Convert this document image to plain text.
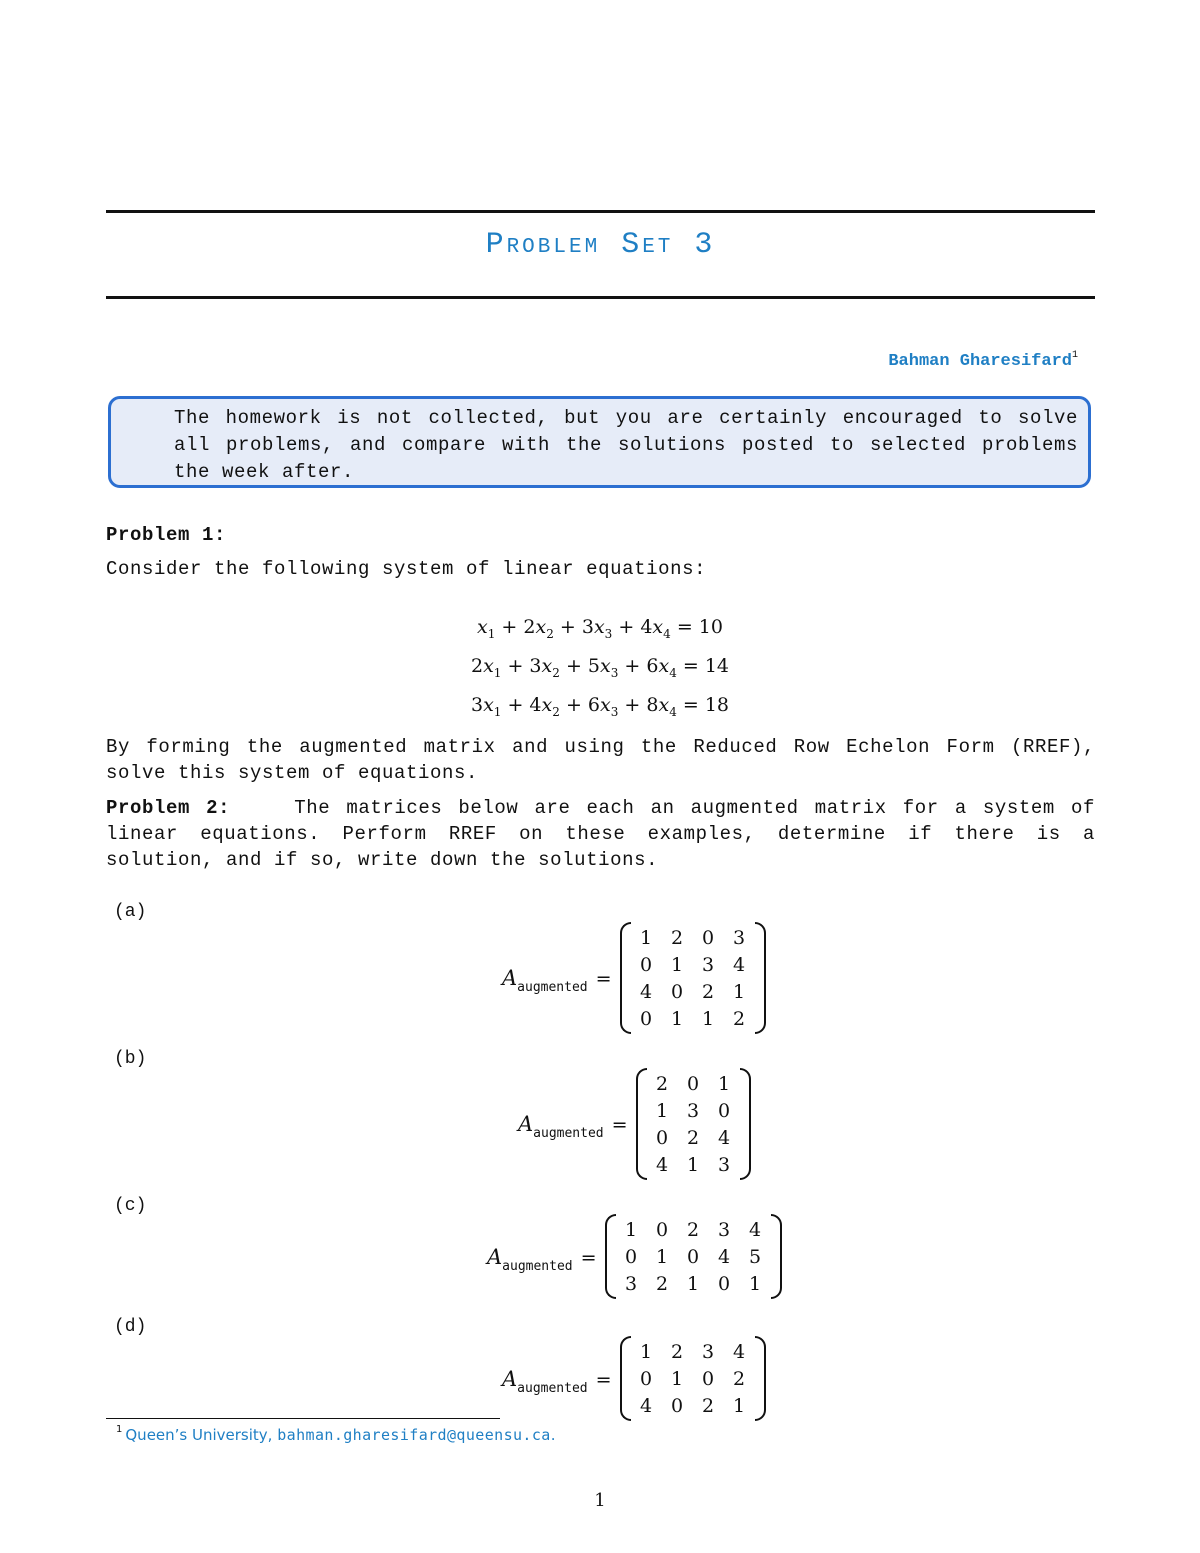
Problem Set 3
Bahman Gharesifard$^1$
The homework is not collected, but you are certainly encouraged to solve all problems, and compare with the solutions posted to selected problems the week after.
Problem 1:
Consider the following system of linear equations:
$x_1 + 2x_2 + 3x_3 + 4x_4 = 10$
$2x_1 + 3x_2 + 5x_3 + 6x_4 = 14$
$3x_1 + 4x_2 + 6x_3 + 8x_4 = 18$
By forming the augmented matrix and using the Reduced Row Echelon Form (RREF), solve this system of equations.
Problem 2:	The matrices below are each an augmented matrix for a system of linear equations. Perform RREF on these examples, determine if there is a solution, and if so, write down the solutions.
(a)
$A_{augmented}$ =
1	2	0	3
0	1	3	4
4	0	2	1
0	1	1	2
(b)
$A_{augmented}$ =
2	0	1
1	3	0
0	2	4
4	1	3
(c)
$A_{augmented}$ =
1	0	2	3	4
0	1	0	4	5
3	2	1	0	1
(d)
$A_{augmented}$ =
1	2	3	4
0	1	0	2
4	0	2	1
$^1$ Queen’s University, bahman.gharesifard@queensu.ca.
1
